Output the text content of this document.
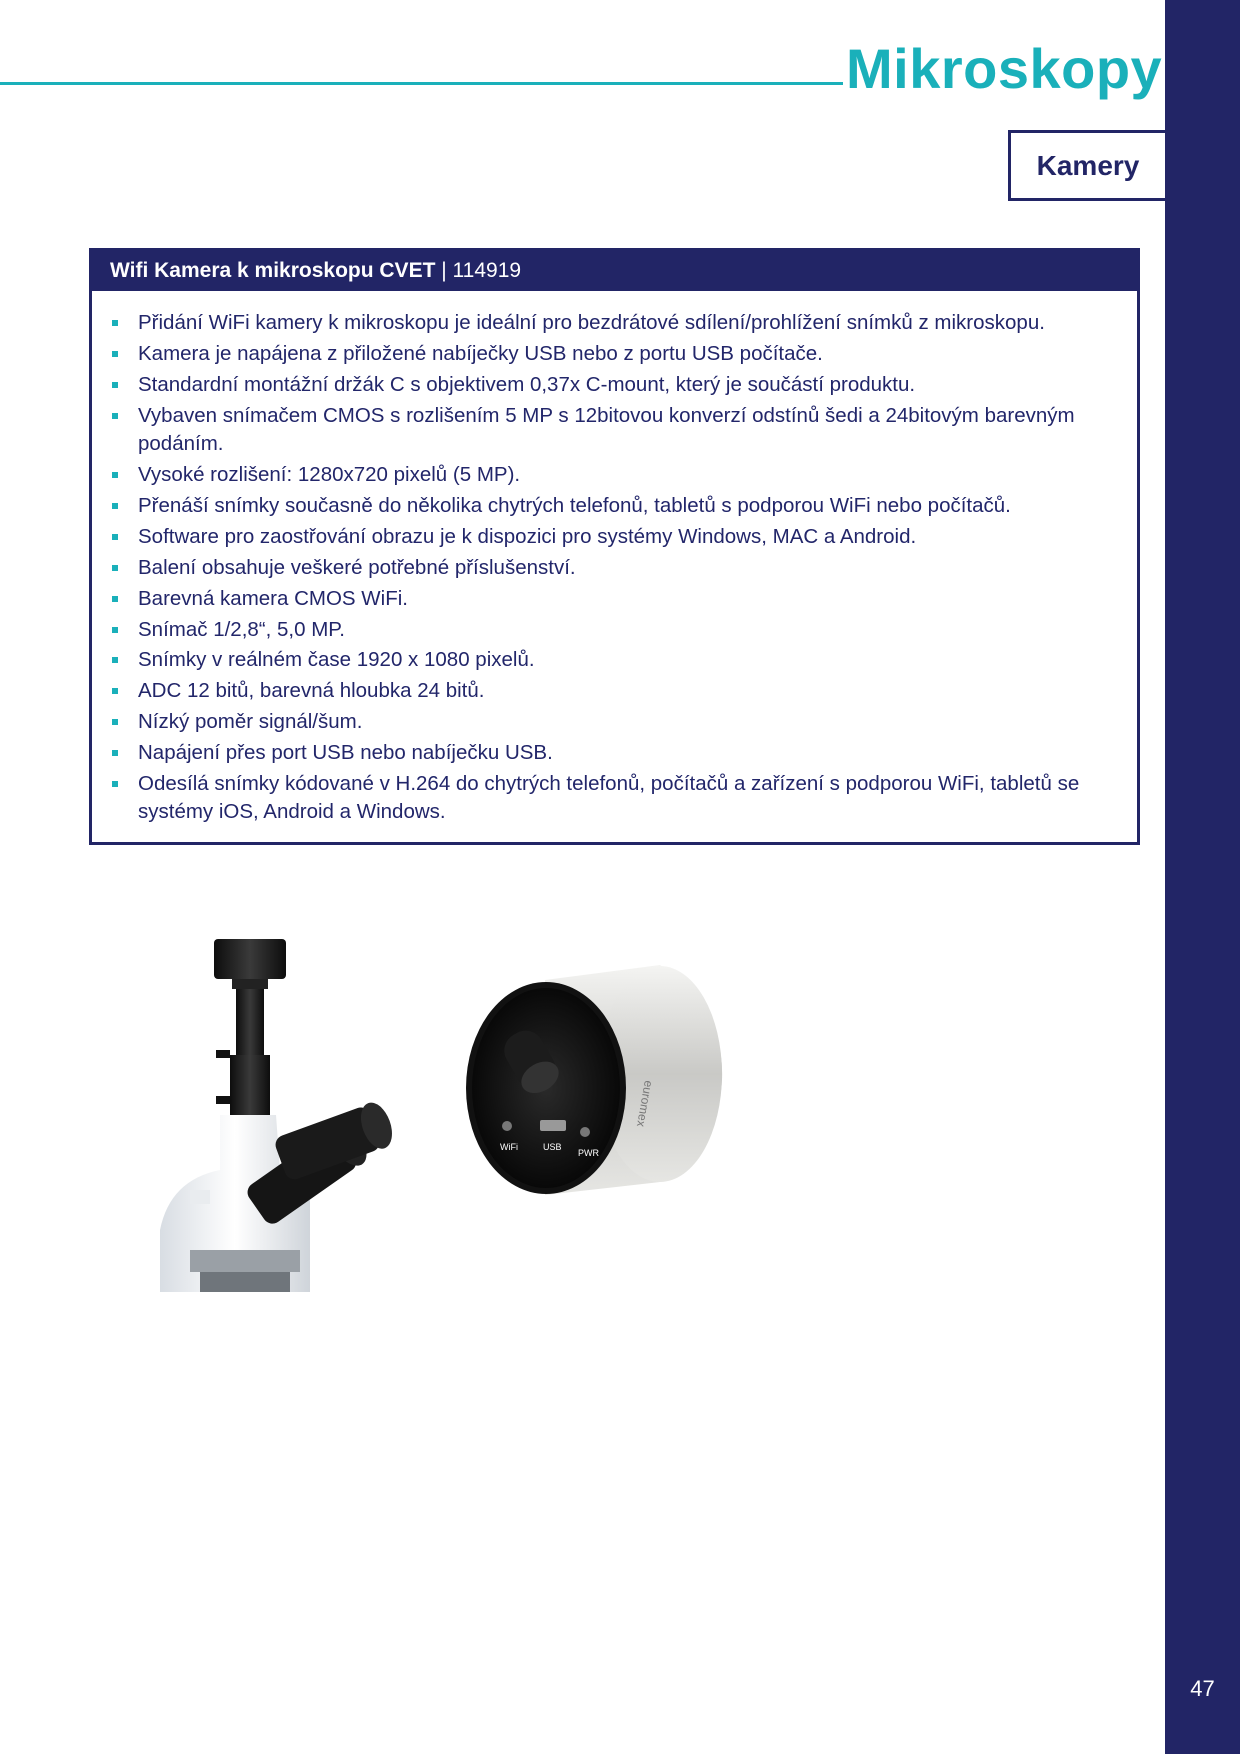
47
Mikroskopy
Kamery
Wifi Kamera k mikroskopu CVET | 114919
Přidání WiFi kamery k mikroskopu je ideální pro bezdrátové sdílení/prohlížení snímků z mikroskopu.
Kamera je napájena z přiložené nabíječky USB nebo z portu USB počítače.
Standardní montážní držák C s objektivem 0,37x C-mount, který je součástí produktu.
Vybaven snímačem CMOS s rozlišením 5 MP s 12bitovou konverzí odstínů šedi a 24bitovým barevným podáním.
Vysoké rozlišení: 1280x720 pixelů (5 MP).
Přenáší snímky současně do několika chytrých telefonů, tabletů s podporou WiFi nebo počítačů.
Software pro zaostřování obrazu je k dispozici pro systémy Windows, MAC a Android.
Balení obsahuje veškeré potřebné příslušenství.
Barevná kamera CMOS WiFi.
Snímač 1/2,8“, 5,0 MP.
Snímky v reálném čase 1920 x 1080 pixelů.
ADC 12 bitů, barevná hloubka 24 bitů.
Nízký poměr signál/šum.
Napájení přes port USB nebo nabíječku USB.
Odesílá snímky kódované v H.264 do chytrých telefonů, počítačů a zařízení s podporou WiFi, tabletů se systémy iOS, Android a Windows.
WiFi	USB
PWR
euromex
